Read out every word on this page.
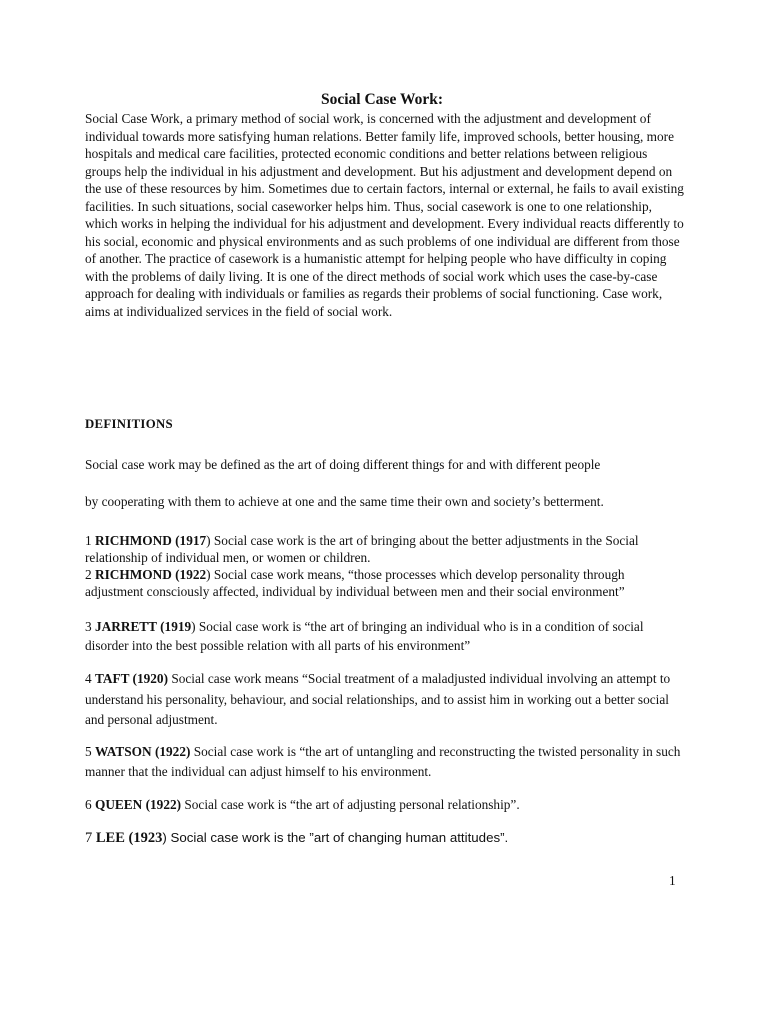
Social Case Work:

Social Case Work, a primary method of social work, is concerned with the adjustment and development of individual towards more satisfying human relations. Better family life, improved schools, better housing, more hospitals and medical care facilities, protected economic conditions and better relations between religious groups help the individual in his adjustment and development. But his adjustment and development depend on the use of these resources by him. Sometimes due to certain factors, internal or external, he fails to avail existing facilities. In such situations, social caseworker helps him. Thus, social casework is one to one relationship, which works in helping the individual for his adjustment and development. Every individual reacts differently to his social, economic and physical environments and as such problems of one individual are different from those of another. The practice of casework is a humanistic attempt for helping people who have difficulty in coping with the problems of daily living. It is one of the direct methods of social work which uses the case-by-case approach for dealing with individuals or families as regards their problems of social functioning. Case work, aims at individualized services in the field of social work.

DEFINITIONS
Social case work may be defined as the art of doing different things for and with different people
by cooperating with them to achieve at one and the same time their own and society’s betterment.

1 RICHMOND (1917) Social case work is the art of bringing about the better adjustments in the Social relationship of individual men, or women or children.

2 RICHMOND (1922) Social case work means, “those processes which develop personality through adjustment consciously affected, individual by individual between men and their social environment”

3 JARRETT (1919) Social case work is “the art of bringing an individual who is in a condition of social disorder into the best possible relation with all parts of his environment”

4 TAFT (1920) Social case work means “Social treatment of a maladjusted individual involving an attempt to understand his personality, behaviour, and social relationships, and to assist him in working out a better social and personal adjustment.

5 WATSON (1922) Social case work is “the art of untangling and reconstructing the twisted personality in such manner that the individual can adjust himself to his environment.

6 QUEEN (1922) Social case work is “the art of adjusting personal relationship”.

7 LEE (1923) Social case work is the ”art of changing human attitudes”.

1
